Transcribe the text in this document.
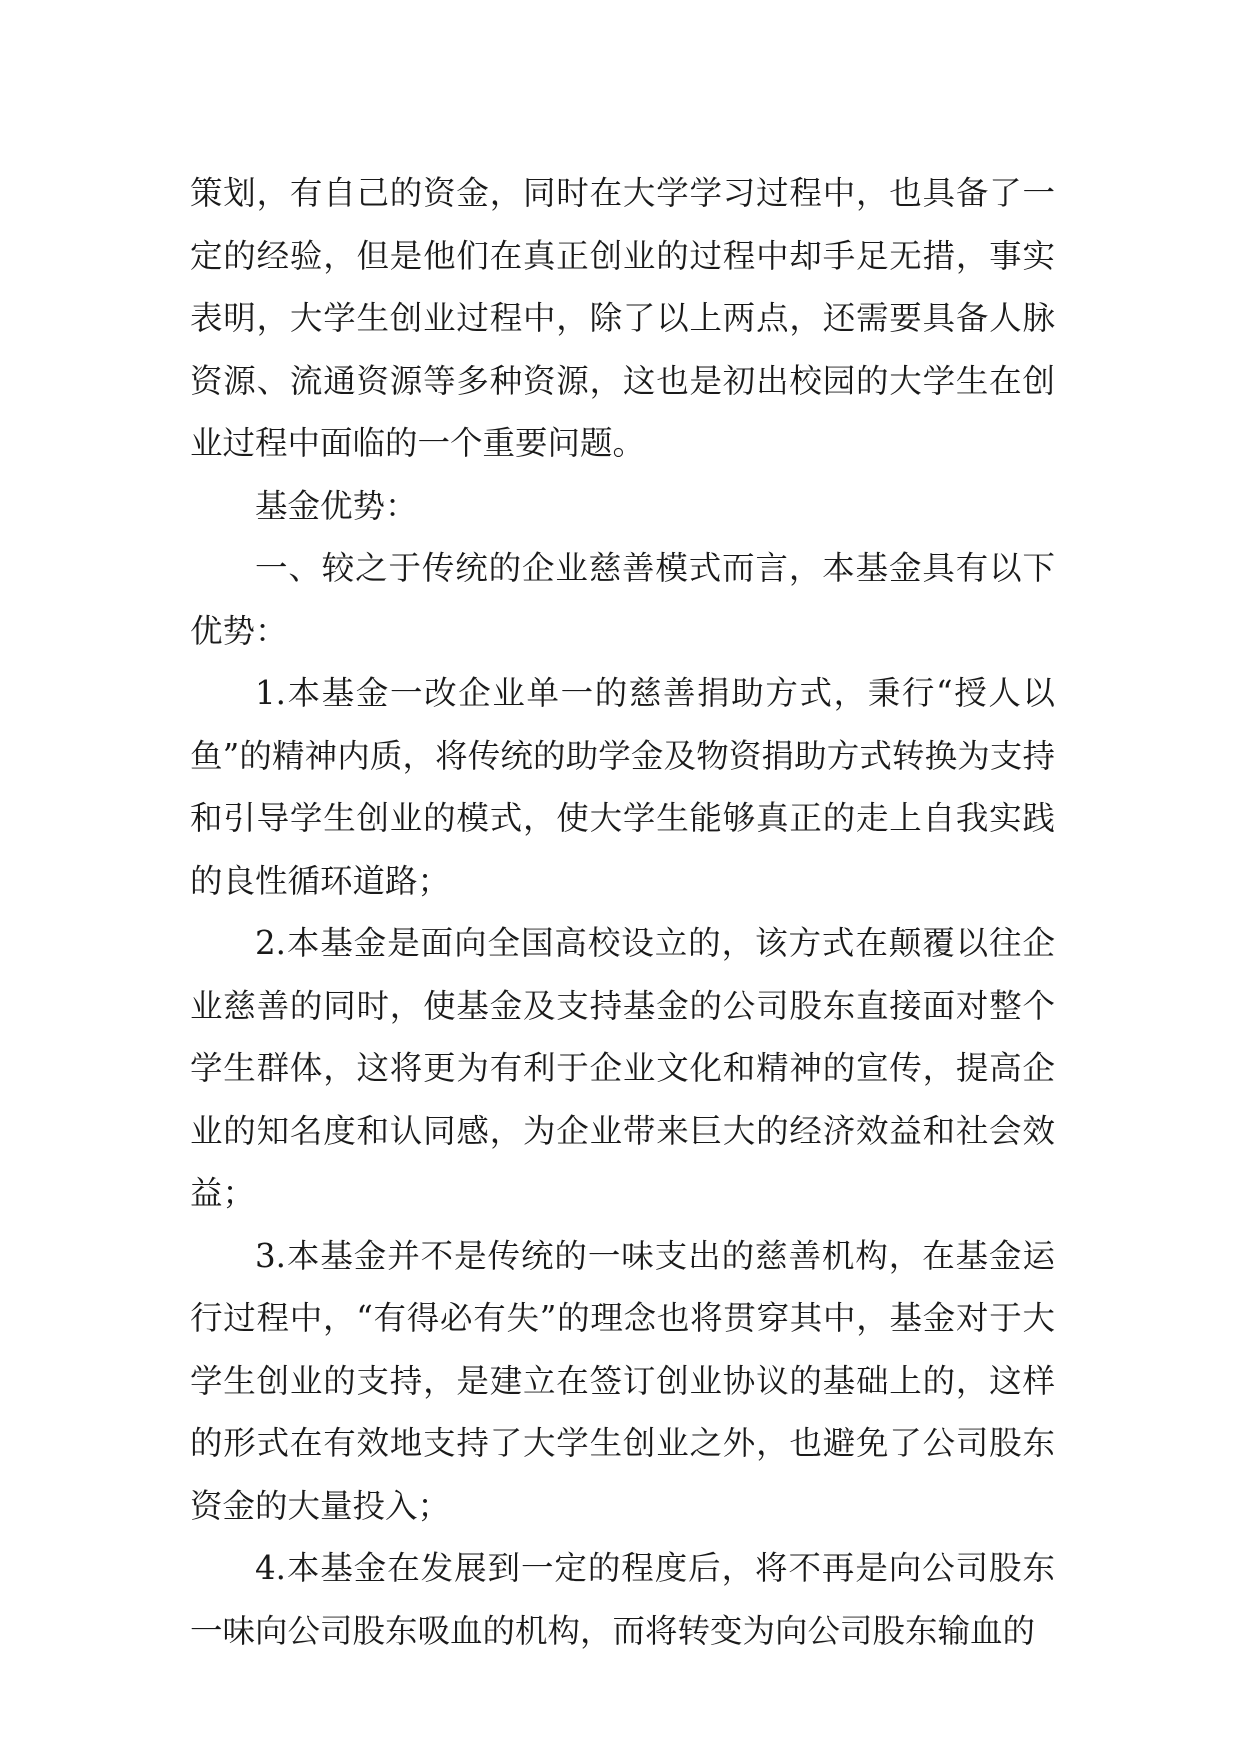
策划，有自己的资金，同时在大学学习过程中，也具备了一定的经验，但是他们在真正创业的过程中却手足无措，事实表明，大学生创业过程中，除了以上两点，还需要具备人脉资源、流通资源等多种资源，这也是初出校园的大学生在创业过程中面临的一个重要问题。

基金优势：

一、较之于传统的企业慈善模式而言，本基金具有以下优势：

1.本基金一改企业单一的慈善捐助方式，秉行“授人以鱼”的精神内质，将传统的助学金及物资捐助方式转换为支持和引导学生创业的模式，使大学生能够真正的走上自我实践的良性循环道路；

2.本基金是面向全国高校设立的，该方式在颠覆以往企业慈善的同时，使基金及支持基金的公司股东直接面对整个学生群体，这将更为有利于企业文化和精神的宣传，提高企业的知名度和认同感，为企业带来巨大的经济效益和社会效益；

3.本基金并不是传统的一味支出的慈善机构，在基金运行过程中，“有得必有失”的理念也将贯穿其中，基金对于大学生创业的支持，是建立在签订创业协议的基础上的，这样的形式在有效地支持了大学生创业之外，也避免了公司股东资金的大量投入；

4.本基金在发展到一定的程度后，将不再是向公司股东一味向公司股东吸血的机构，而将转变为向公司股东输血的
